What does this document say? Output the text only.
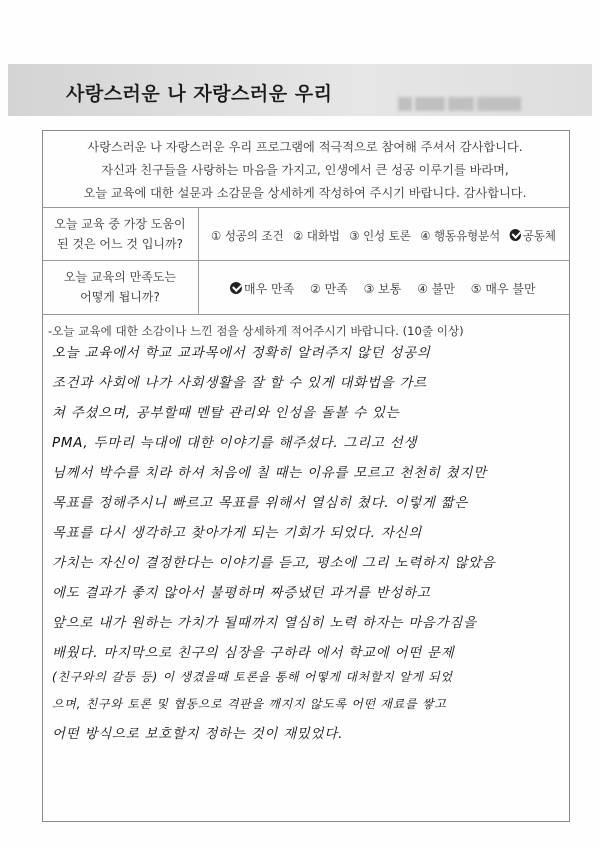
사랑스러운 나 자랑스러운 우리
사랑스러운 나 자랑스러운 우리 프로그램에 적극적으로 참여해 주셔서 감사합니다.
자신과 친구들을 사랑하는 마음을 가지고, 인생에서 큰 성공 이루기를 바라며,
오늘 교육에 대한 설문과 소감문을 상세하게 작성하여 주시기 바랍니다. 감사합니다.
오늘 교육 중 가장 도움이
된 것은 어느 것 입니까?
① 성공의 조건 ② 대화법 ③ 인성 토론 ④ 행동유형분석 공동체
오늘 교육의 만족도는
어떻게 됩니까?
매우 만족 ② 만족 ③ 보통 ④ 불만 ⑤ 매우 불만
-오늘 교육에 대한 소감이나 느낀 점을 상세하게 적어주시기 바랍니다. (10줄 이상)
오늘 교육에서 학교 교과목에서 정확히 알려주지 않던 성공의
조건과 사회에 나가 사회생활을 잘 할 수 있게 대화법을 가르
쳐 주셨으며, 공부할때 멘탈 관리와 인성을 돌볼 수 있는
PMA, 두마리 늑대에 대한 이야기를 해주셨다. 그리고 선생
님께서 박수를 치라 하셔 처음에 칠 때는 이유를 모르고 천천히 쳤지만
목표를 정해주시니 빠르고 목표를 위해서 열심히 쳤다. 이렇게 짧은
목표를 다시 생각하고 찾아가게 되는 기회가 되었다. 자신의
가치는 자신이 결정한다는 이야기를 듣고, 평소에 그리 노력하지 않았음
에도 결과가 좋지 않아서 불평하며 짜증냈던 과거를 반성하고
앞으로 내가 원하는 가치가 될때까지 열심히 노력 하자는 마음가짐을
배웠다. 마지막으로 친구의 심장을 구하라 에서 학교에 어떤 문제
(친구와의 갈등 등) 이 생겼을때 토론을 통해 어떻게 대처할지 알게 되었
으며, 친구와 토론 및 협동으로 격판을 깨지지 않도록 어떤 재료를 쌓고
어떤 방식으로 보호할지 정하는 것이 재밌었다.
